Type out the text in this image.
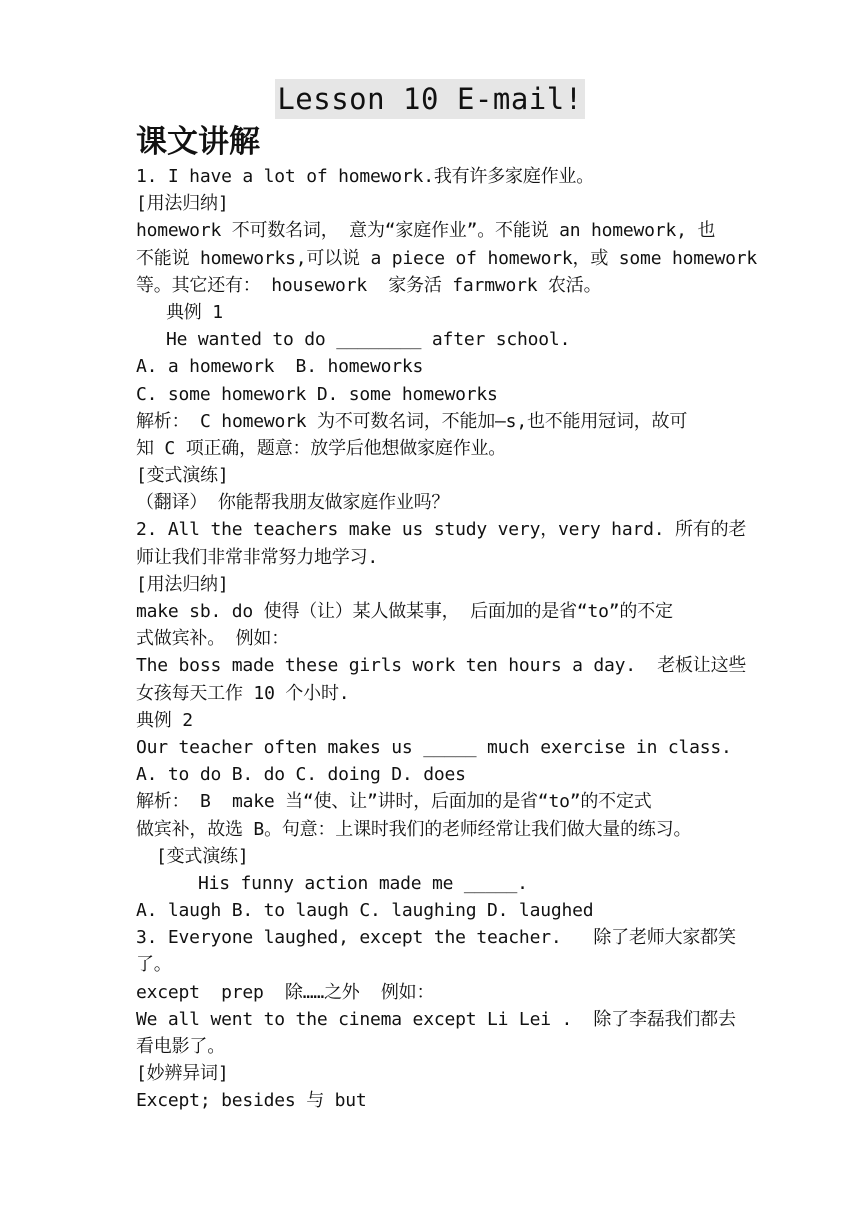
Lesson 10 E-mail!
课文讲解
1. I have a lot of homework.我有许多家庭作业。
[用法归纳]
homework 不可数名词， 意为“家庭作业”。不能说 an homework, 也
不能说 homeworks,可以说 a piece of homework，或 some homework
等。其它还有： housework  家务活 farmwork 农活。
典例 1
He wanted to do ________ after school.
A. a homework  B. homeworks
C. some homework D. some homeworks
解析： C homework 为不可数名词，不能加—s,也不能用冠词，故可
知 C 项正确，题意：放学后他想做家庭作业。
[变式演练]
（翻译） 你能帮我朋友做家庭作业吗？
2. All the teachers make us study very，very hard. 所有的老
师让我们非常非常努力地学习.
[用法归纳]
make sb. do 使得（让）某人做某事， 后面加的是省“to”的不定
式做宾补。 例如：
The boss made these girls work ten hours a day.  老板让这些
女孩每天工作 10 个小时.
典例 2
Our teacher often makes us _____ much exercise in class.
A. to do B. do C. doing D. does
解析： B  make 当“使、让”讲时，后面加的是省“to”的不定式
做宾补，故选 B。句意：上课时我们的老师经常让我们做大量的练习。
[变式演练]
His funny action made me _____.
A. laugh B. to laugh C. laughing D. laughed
3. Everyone laughed, except the teacher.   除了老师大家都笑
了。
except  prep  除……之外  例如：
We all went to the cinema except Li Lei .  除了李磊我们都去
看电影了。
[妙辨异词]
Except; besides 与 but
